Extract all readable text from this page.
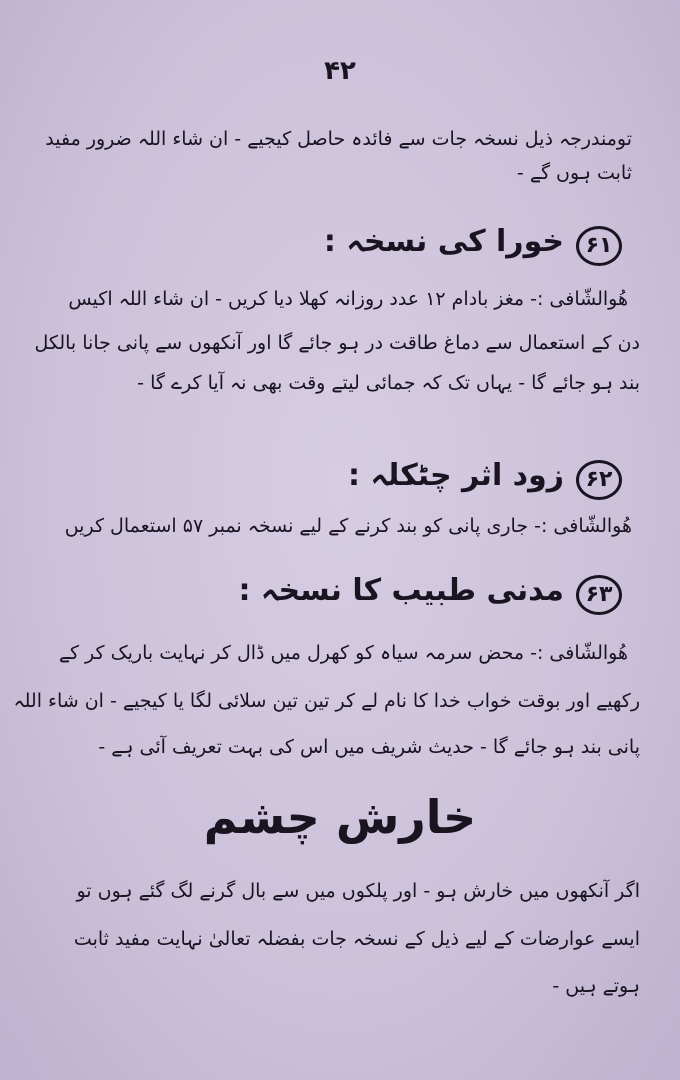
۴۲
تومندرجہ ذیل نسخہ جات سے فائدہ حاصل کیجیے - ان شاء اللہ ضرور مفید
ثابت ہوں گے -
۶۱
خورا کی نسخہ :
ھُوالشّافی :- مغز بادام ۱۲ عدد روزانہ کھلا دیا کریں - ان شاء اللہ اکیس
دن کے استعمال سے دماغ طاقت در ہو جائے گا اور آنکھوں سے پانی جانا بالکل
بند ہو جائے گا - یہاں تک کہ جمائی لیتے وقت بھی نہ آیا کرے گا -
۶۲
زود اثر چٹکلہ :
ھُوالشّافی :- جاری پانی کو بند کرنے کے لیے نسخہ نمبر ۵۷ استعمال کریں
۶۳
مدنی طبیب کا نسخہ :
ھُوالشّافی :- محض سرمہ سیاہ کو کھرل میں ڈال کر نہایت باریک کر کے
رکھیے اور بوقت خواب خدا کا نام لے کر تین تین سلائی لگا یا کیجیے - ان شاء اللہ
پانی بند ہو جائے گا - حدیث شریف میں اس کی بہت تعریف آئی ہے -
خارش چشم
اگر آنکھوں میں خارش ہو - اور پلکوں میں سے بال گرنے لگ گئے ہوں تو
ایسے عوارضات کے لیے ذیل کے نسخہ جات بفضلہ تعالیٰ نہایت مفید ثابت
ہوتے ہیں -
